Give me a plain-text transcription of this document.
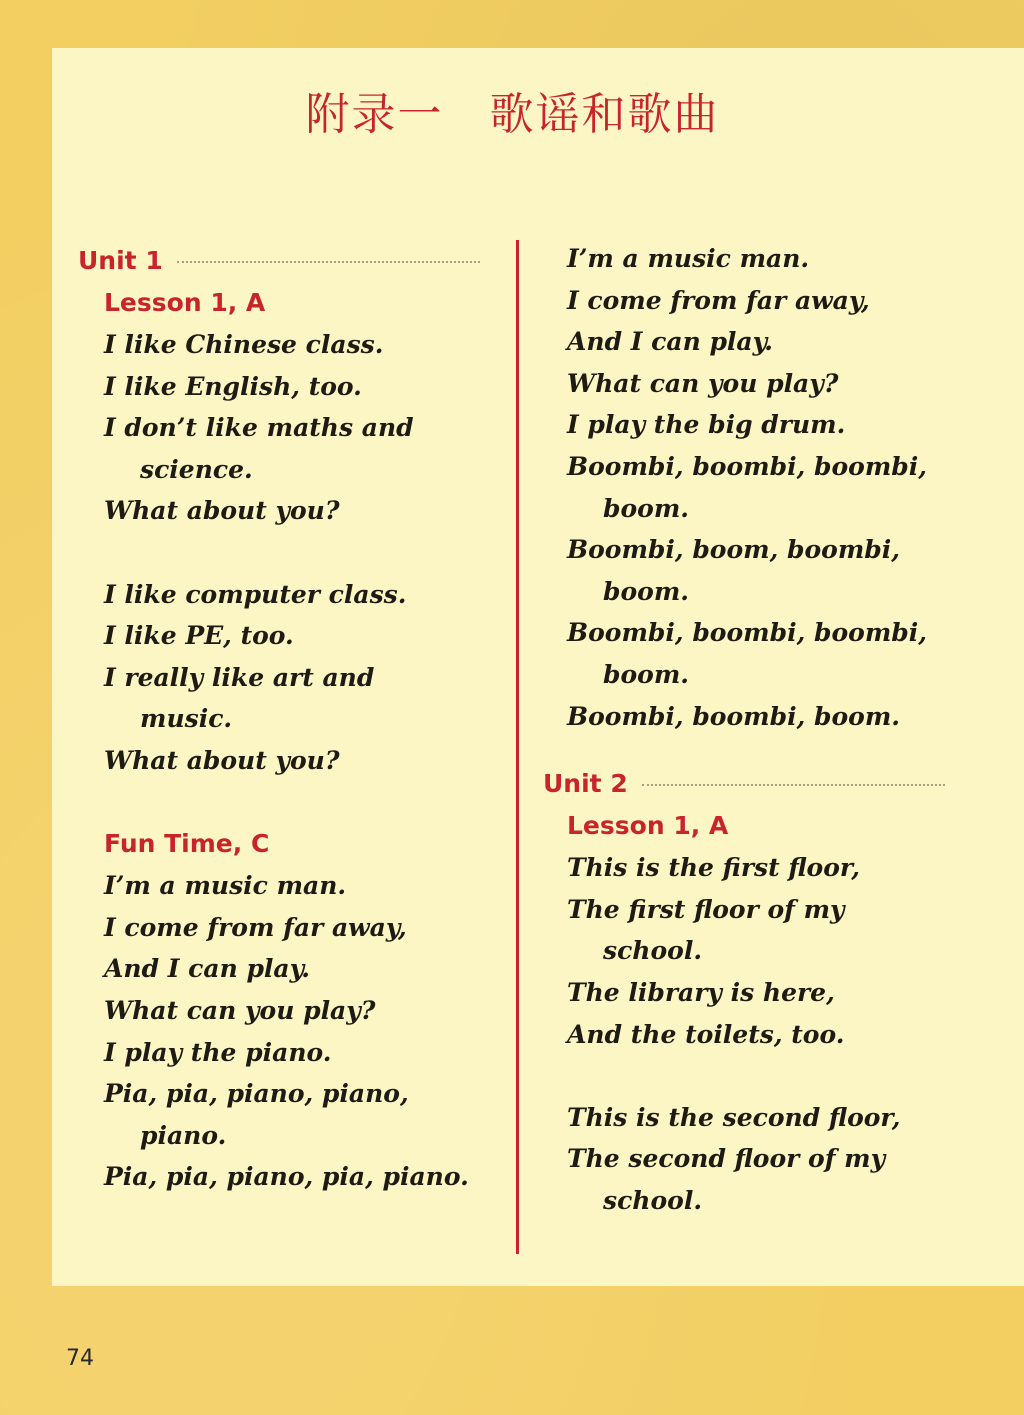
附录一　歌谣和歌曲
Unit 1
Lesson 1, A
I like Chinese class.
I like English, too.
I don’t like maths and
science.
What about you?
I like computer class.
I like PE, too.
I really like art and
music.
What about you?
Fun Time, C
I’m a music man.
I come from far away,
And I can play.
What can you play?
I play the piano.
Pia, pia, piano, piano,
piano.
Pia, pia, piano, pia, piano.
I’m a music man.
I come from far away,
And I can play.
What can you play?
I play the big drum.
Boombi, boombi, boombi,
boom.
Boombi, boom, boombi,
boom.
Boombi, boombi, boombi,
boom.
Boombi, boombi, boom.
Unit 2
Lesson 1, A
This is the first floor,
The first floor of my
school.
The library is here,
And the toilets, too.
This is the second floor,
The second floor of my
school.
74
